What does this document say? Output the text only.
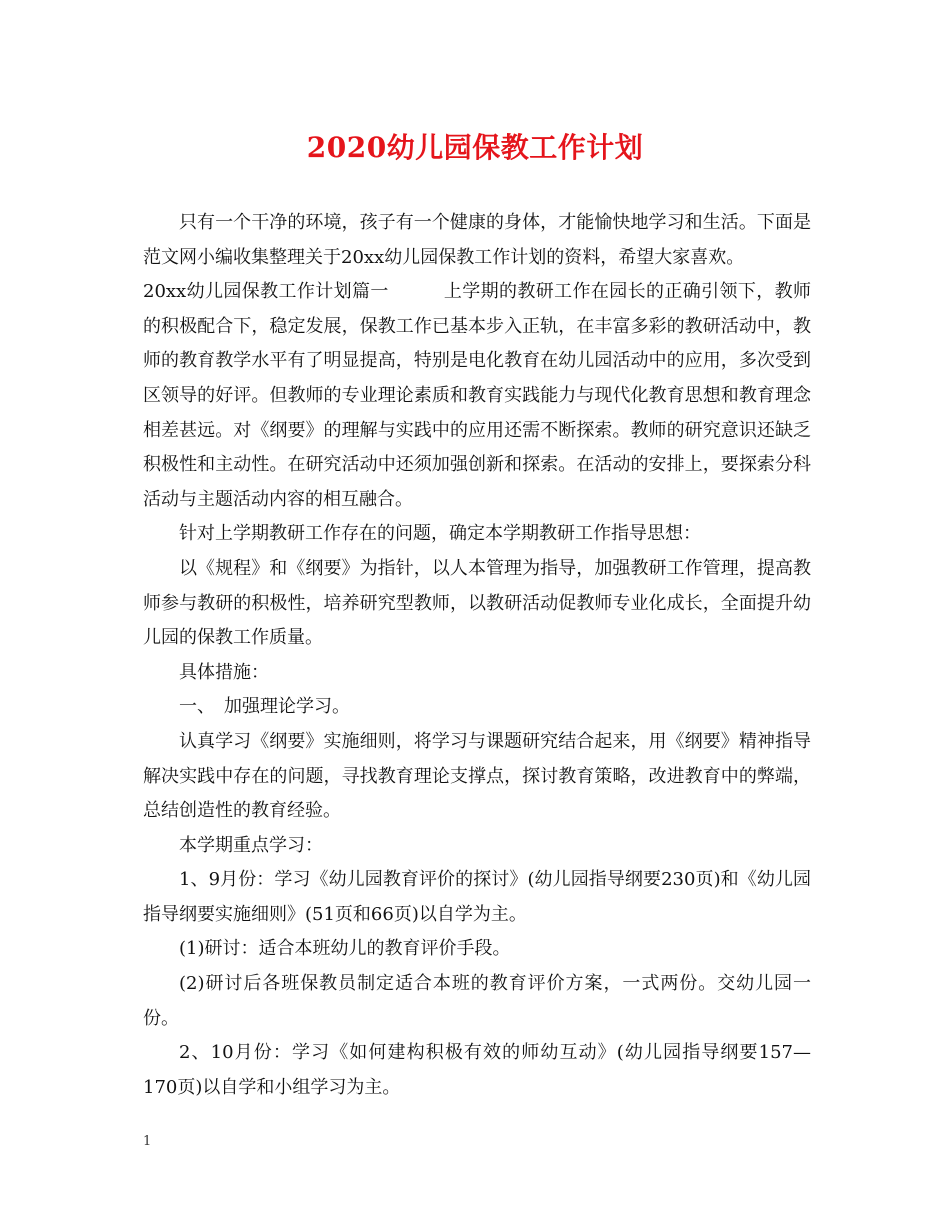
2020幼儿园保教工作计划

只有一个干净的环境，孩子有一个健康的身体，才能愉快地学习和生活。下面是范文网小编收集整理关于20xx幼儿园保教工作计划的资料，希望大家喜欢。

20xx幼儿园保教工作计划篇一　　　上学期的教研工作在园长的正确引领下，教师的积极配合下，稳定发展，保教工作已基本步入正轨，在丰富多彩的教研活动中，教师的教育教学水平有了明显提高，特别是电化教育在幼儿园活动中的应用，多次受到区领导的好评。但教师的专业理论素质和教育实践能力与现代化教育思想和教育理念相差甚远。对《纲要》的理解与实践中的应用还需不断探索。教师的研究意识还缺乏积极性和主动性。在研究活动中还须加强创新和探索。在活动的安排上，要探索分科活动与主题活动内容的相互融合。

针对上学期教研工作存在的问题，确定本学期教研工作指导思想：

以《规程》和《纲要》为指针，以人本管理为指导，加强教研工作管理，提高教师参与教研的积极性，培养研究型教师，以教研活动促教师专业化成长，全面提升幼儿园的保教工作质量。

具体措施：

一、　加强理论学习。

认真学习《纲要》实施细则，将学习与课题研究结合起来，用《纲要》精神指导解决实践中存在的问题，寻找教育理论支撑点，探讨教育策略，改进教育中的弊端，总结创造性的教育经验。

本学期重点学习：

1、9月份：学习《幼儿园教育评价的探讨》(幼儿园指导纲要230页)和《幼儿园指导纲要实施细则》(51页和66页)以自学为主。

(1)研讨：适合本班幼儿的教育评价手段。

(2)研讨后各班保教员制定适合本班的教育评价方案，一式两份。交幼儿园一份。

2、10月份：学习《如何建构积极有效的师幼互动》(幼儿园指导纲要157—170页)以自学和小组学习为主。

1
